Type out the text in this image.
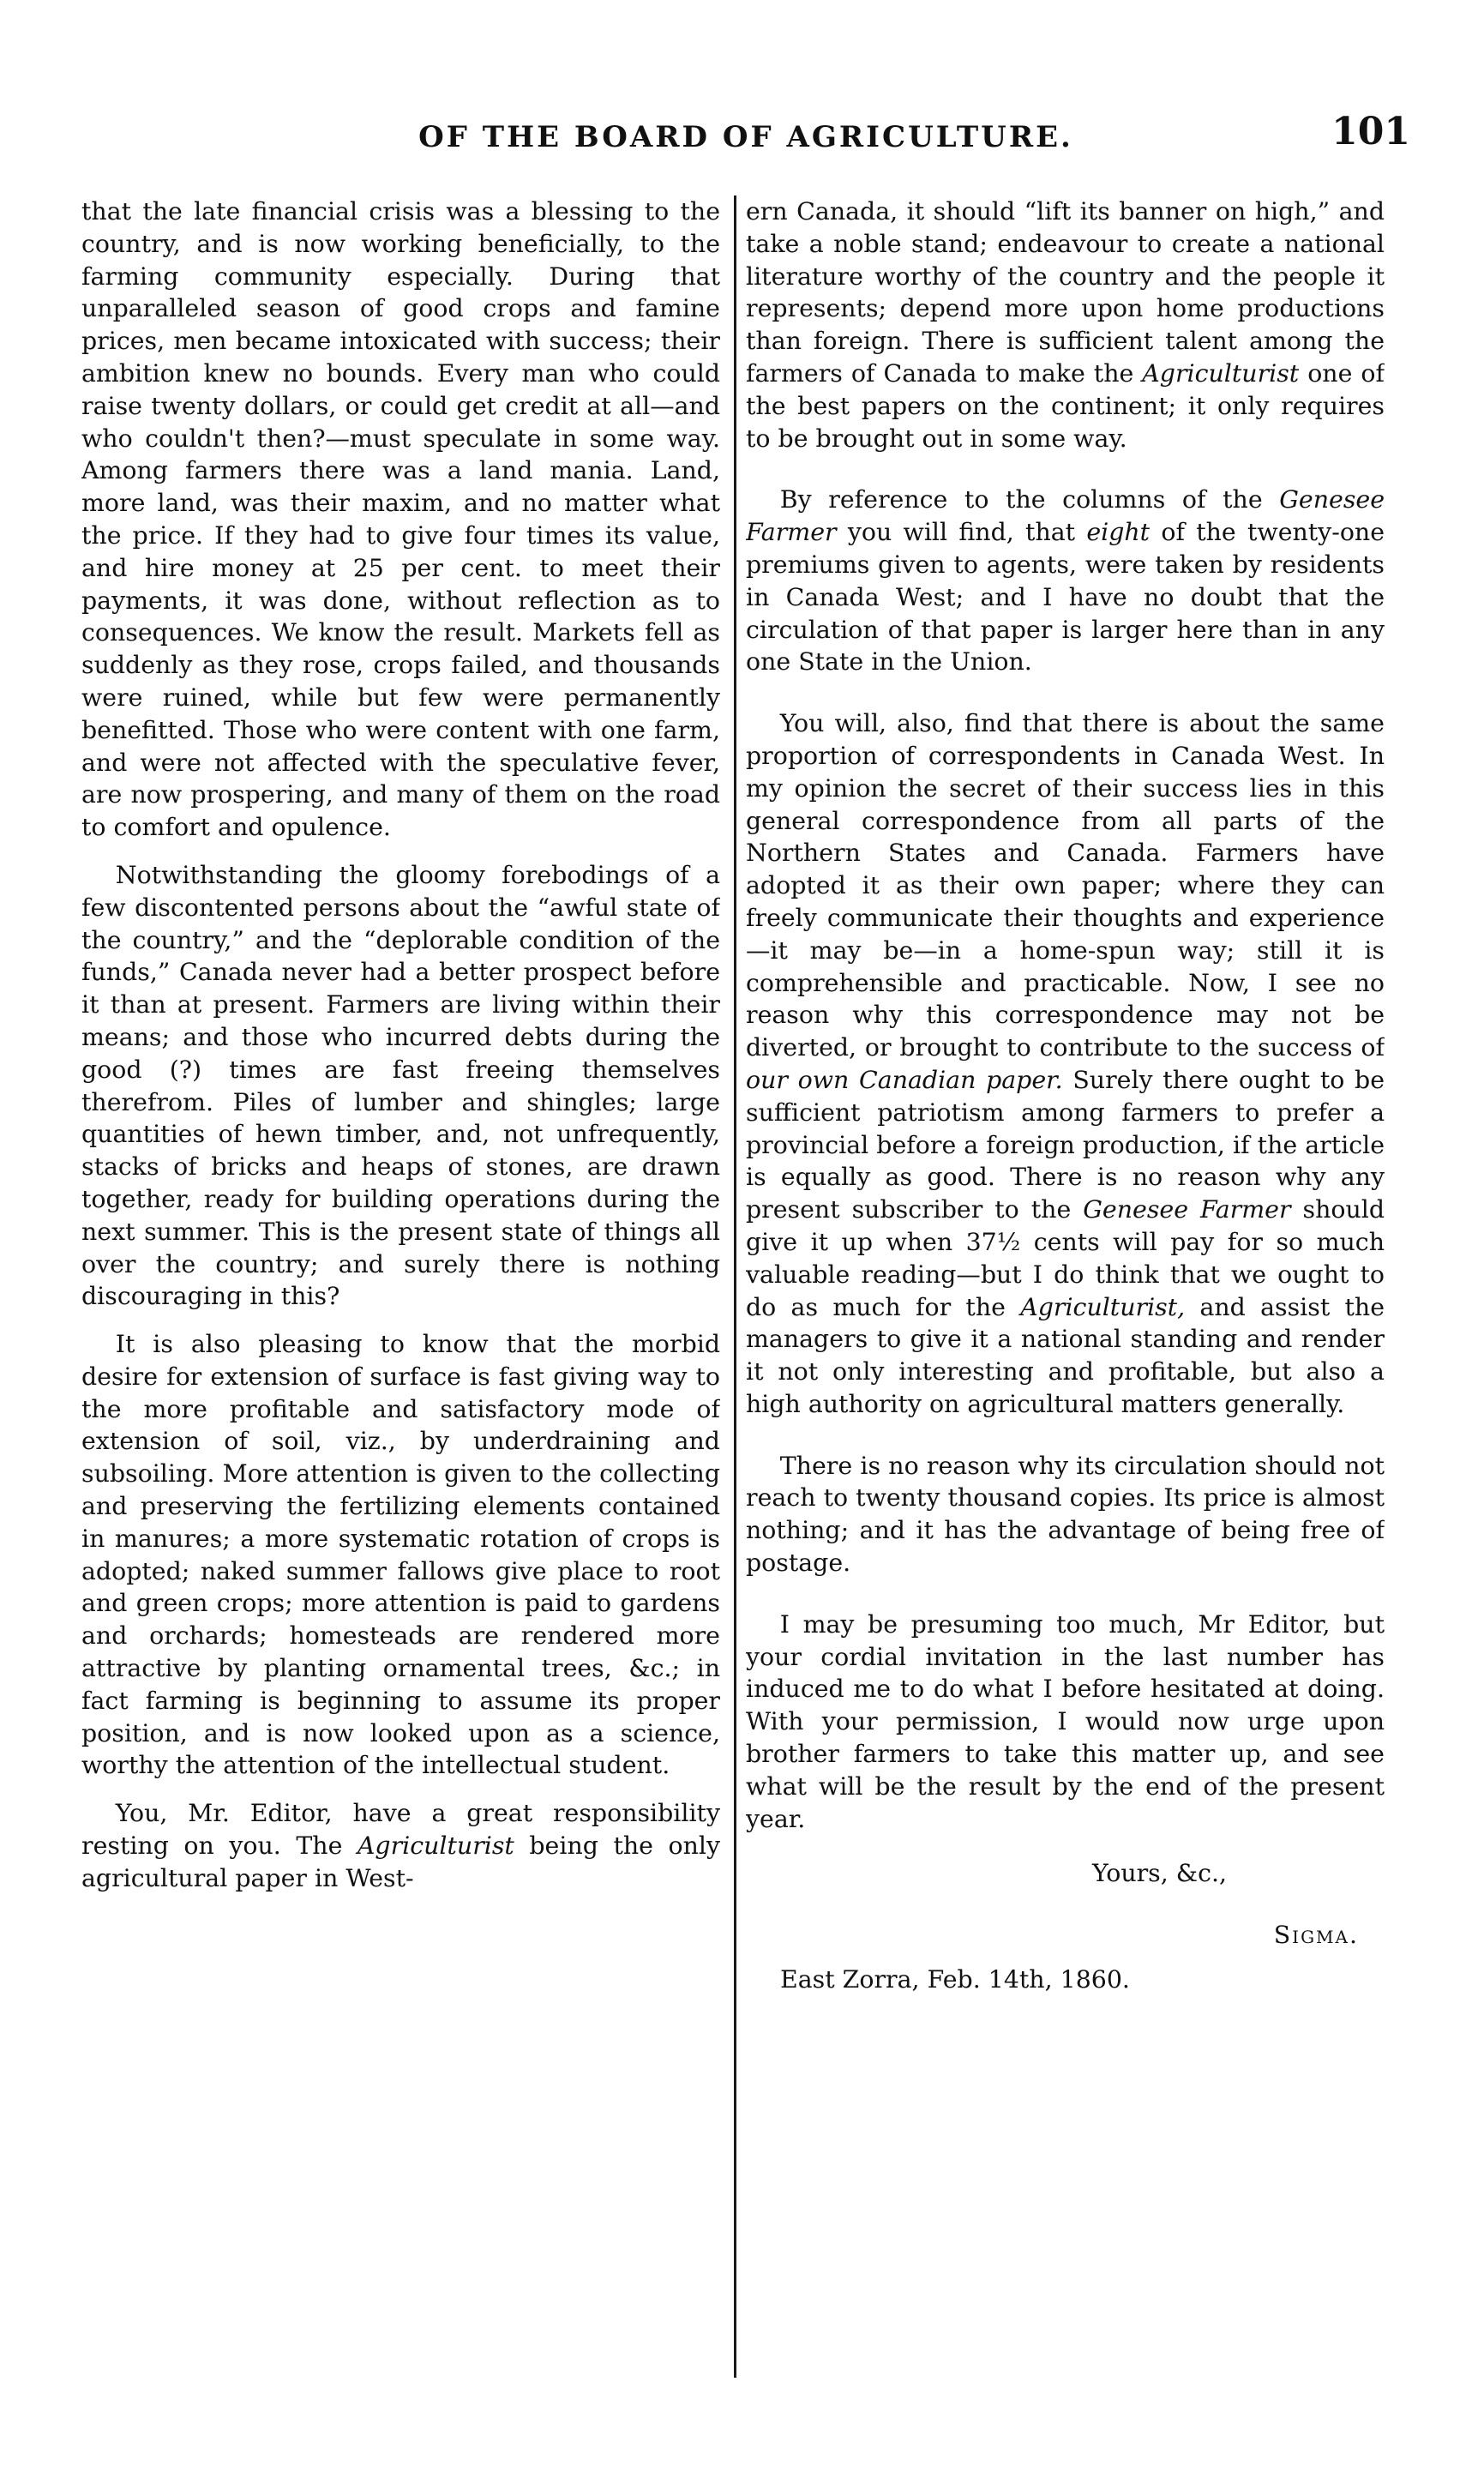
OF THE BOARD OF AGRICULTURE.	101

that the late financial crisis was a blessing to the country, and is now working beneficially, to the farming community especially. During that unparalleled season of good crops and famine prices, men became intoxicated with success; their ambition knew no bounds. Every man who could raise twenty dollars, or could get credit at all—and who couldn't then?—must speculate in some way. Among farmers there was a land mania. Land, more land, was their maxim, and no matter what the price. If they had to give four times its value, and hire money at 25 per cent. to meet their payments, it was done, without reflection as to consequences. We know the result. Markets fell as suddenly as they rose, crops failed, and thousands were ruined, while but few were permanently benefitted. Those who were content with one farm, and were not affected with the speculative fever, are now prospering, and many of them on the road to comfort and opulence.

Notwithstanding the gloomy forebodings of a few discontented persons about the “awful state of the country,” and the “deplorable condition of the funds,” Canada never had a better prospect before it than at present. Farmers are living within their means; and those who incurred debts during the good (?) times are fast freeing themselves therefrom. Piles of lumber and shingles; large quantities of hewn timber, and, not unfrequently, stacks of bricks and heaps of stones, are drawn together, ready for building operations during the next summer. This is the present state of things all over the country; and surely there is nothing discouraging in this?

It is also pleasing to know that the morbid desire for extension of surface is fast giving way to the more profitable and satisfactory mode of extension of soil, viz., by underdraining and subsoiling. More attention is given to the collecting and preserving the fertilizing elements contained in manures; a more systematic rotation of crops is adopted; naked summer fallows give place to root and green crops; more attention is paid to gardens and orchards; homesteads are rendered more attractive by planting ornamental trees, &c.; in fact farming is beginning to assume its proper position, and is now looked upon as a science, worthy the attention of the intellectual student.

You, Mr. Editor, have a great responsibility resting on you. The Agriculturist being the only agricultural paper in West-

ern Canada, it should “lift its banner on high,” and take a noble stand; endeavour to create a national literature worthy of the country and the people it represents; depend more upon home productions than foreign. There is sufficient talent among the farmers of Canada to make the Agriculturist one of the best papers on the continent; it only requires to be brought out in some way.

By reference to the columns of the Genesee Farmer you will find, that eight of the twenty-one premiums given to agents, were taken by residents in Canada West; and I have no doubt that the circulation of that paper is larger here than in any one State in the Union.

You will, also, find that there is about the same proportion of correspondents in Canada West. In my opinion the secret of their success lies in this general correspondence from all parts of the Northern States and Canada. Farmers have adopted it as their own paper; where they can freely communicate their thoughts and experience—it may be—in a home-spun way; still it is comprehensible and practicable. Now, I see no reason why this correspondence may not be diverted, or brought to contribute to the success of our own Canadian paper. Surely there ought to be sufficient patriotism among farmers to prefer a provincial before a foreign production, if the article is equally as good. There is no reason why any present subscriber to the Genesee Farmer should give it up when 37½ cents will pay for so much valuable reading—but I do think that we ought to do as much for the Agriculturist, and assist the managers to give it a national standing and render it not only interesting and profitable, but also a high authority on agricultural matters generally.

There is no reason why its circulation should not reach to twenty thousand copies. Its price is almost nothing; and it has the advantage of being free of postage.

I may be presuming too much, Mr Editor, but your cordial invitation in the last number has induced me to do what I before hesitated at doing. With your permission, I would now urge upon brother farmers to take this matter up, and see what will be the result by the end of the present year.

Yours, &c.,
Sigma.
East Zorra, Feb. 14th, 1860.
